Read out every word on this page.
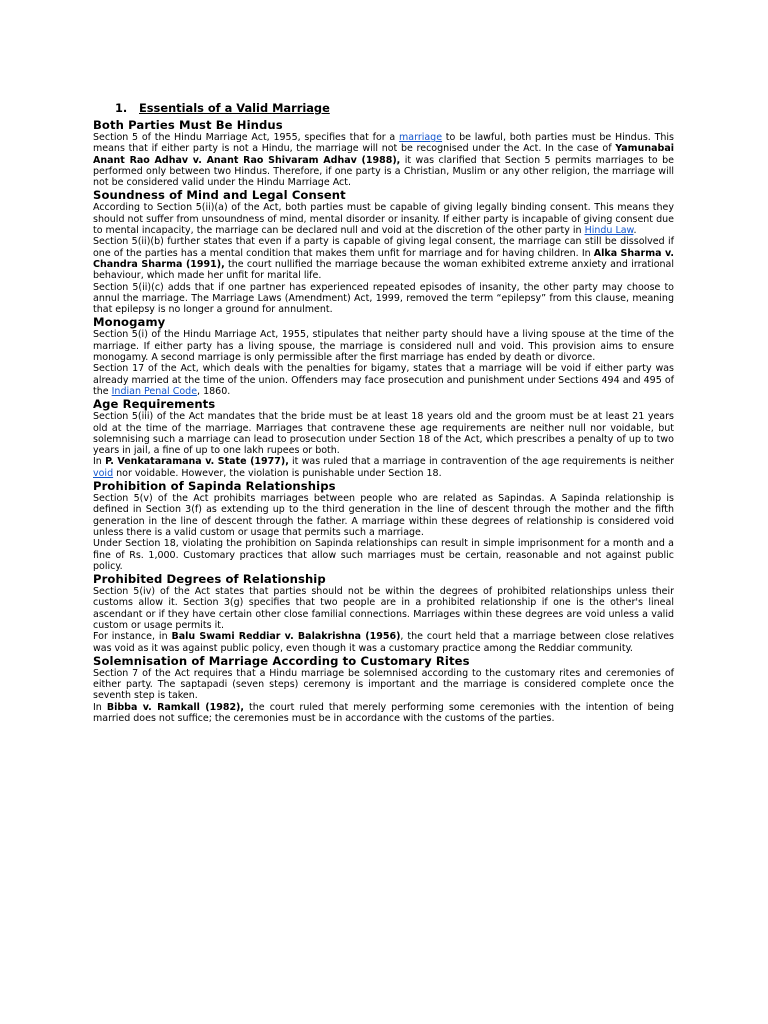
1. Essentials of a Valid Marriage
Both Parties Must Be Hindus

Section 5 of the Hindu Marriage Act, 1955, specifies that for a marriage to be lawful, both parties must be Hindus. This means that if either party is not a Hindu, the marriage will not be recognised under the Act. In the case of Yamunabai Anant Rao Adhav v. Anant Rao Shivaram Adhav (1988), it was clarified that Section 5 permits marriages to be performed only between two Hindus. Therefore, if one party is a Christian, Muslim or any other religion, the marriage will not be considered valid under the Hindu Marriage Act.

Soundness of Mind and Legal Consent

According to Section 5(ii)(a) of the Act, both parties must be capable of giving legally binding consent. This means they should not suffer from unsoundness of mind, mental disorder or insanity. If either party is incapable of giving consent due to mental incapacity, the marriage can be declared null and void at the discretion of the other party in Hindu Law.

Section 5(ii)(b) further states that even if a party is capable of giving legal consent, the marriage can still be dissolved if one of the parties has a mental condition that makes them unfit for marriage and for having children. In Alka Sharma v. Chandra Sharma (1991), the court nullified the marriage because the woman exhibited extreme anxiety and irrational behaviour, which made her unfit for marital life.

Section 5(ii)(c) adds that if one partner has experienced repeated episodes of insanity, the other party may choose to annul the marriage. The Marriage Laws (Amendment) Act, 1999, removed the term “epilepsy” from this clause, meaning that epilepsy is no longer a ground for annulment.

Monogamy

Section 5(i) of the Hindu Marriage Act, 1955, stipulates that neither party should have a living spouse at the time of the marriage. If either party has a living spouse, the marriage is considered null and void. This provision aims to ensure monogamy. A second marriage is only permissible after the first marriage has ended by death or divorce.

Section 17 of the Act, which deals with the penalties for bigamy, states that a marriage will be void if either party was already married at the time of the union. Offenders may face prosecution and punishment under Sections 494 and 495 of the Indian Penal Code, 1860.

Age Requirements

Section 5(iii) of the Act mandates that the bride must be at least 18 years old and the groom must be at least 21 years old at the time of the marriage. Marriages that contravene these age requirements are neither null nor voidable, but solemnising such a marriage can lead to prosecution under Section 18 of the Act, which prescribes a penalty of up to two years in jail, a fine of up to one lakh rupees or both.

In P. Venkataramana v. State (1977), it was ruled that a marriage in contravention of the age requirements is neither void nor voidable. However, the violation is punishable under Section 18.

Prohibition of Sapinda Relationships

Section 5(v) of the Act prohibits marriages between people who are related as Sapindas. A Sapinda relationship is defined in Section 3(f) as extending up to the third generation in the line of descent through the mother and the fifth generation in the line of descent through the father. A marriage within these degrees of relationship is considered void unless there is a valid custom or usage that permits such a marriage.

Under Section 18, violating the prohibition on Sapinda relationships can result in simple imprisonment for a month and a fine of Rs. 1,000. Customary practices that allow such marriages must be certain, reasonable and not against public policy.

Prohibited Degrees of Relationship

Section 5(iv) of the Act states that parties should not be within the degrees of prohibited relationships unless their customs allow it. Section 3(g) specifies that two people are in a prohibited relationship if one is the other's lineal ascendant or if they have certain other close familial connections. Marriages within these degrees are void unless a valid custom or usage permits it.

For instance, in Balu Swami Reddiar v. Balakrishna (1956), the court held that a marriage between close relatives was void as it was against public policy, even though it was a customary practice among the Reddiar community.

Solemnisation of Marriage According to Customary Rites

Section 7 of the Act requires that a Hindu marriage be solemnised according to the customary rites and ceremonies of either party. The saptapadi (seven steps) ceremony is important and the marriage is considered complete once the seventh step is taken.

In Bibba v. Ramkall (1982), the court ruled that merely performing some ceremonies with the intention of being married does not suffice; the ceremonies must be in accordance with the customs of the parties.
